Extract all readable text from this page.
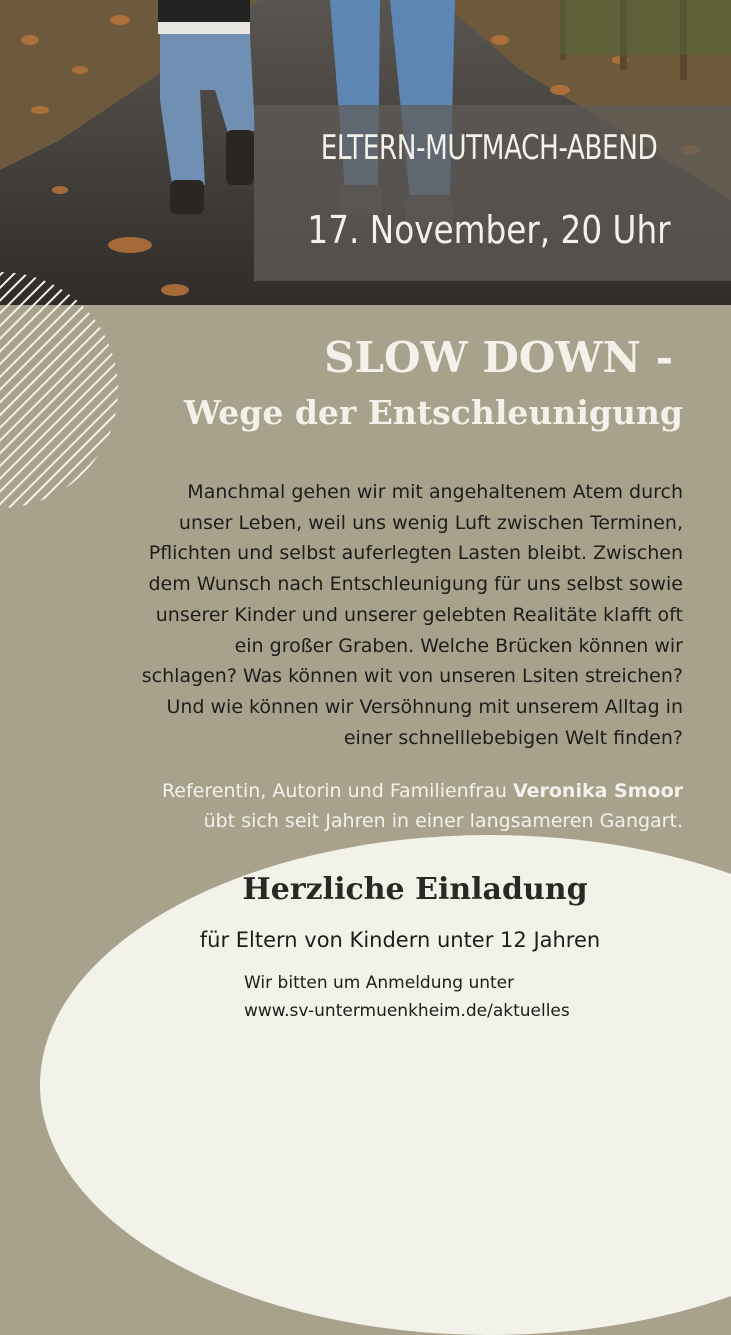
ELTERN-MUTMACH-ABEND
17. November, 20 Uhr
SLOW DOWN -
Wege der Entschleunigung
Manchmal gehen wir mit angehaltenem Atem durch
unser Leben, weil uns wenig Luft zwischen Terminen,
Pflichten und selbst auferlegten Lasten bleibt. Zwischen
dem Wunsch nach Entschleunigung für uns selbst sowie
unserer Kinder und unserer gelebten Realitäte klafft oft
ein großer Graben. Welche Brücken können wir
schlagen? Was können wit von unseren Lsiten streichen?
Und wie können wir Versöhnung mit unserem Alltag in
einer schnelllebebigen Welt finden?
Referentin, Autorin und Familienfrau Veronika Smoor
übt sich seit Jahren in einer langsameren Gangart.
Herzliche Einladung
für Eltern von Kindern unter 12 Jahren
Wir bitten um Anmeldung unter
www.sv-untermuenkheim.de/aktuelles
